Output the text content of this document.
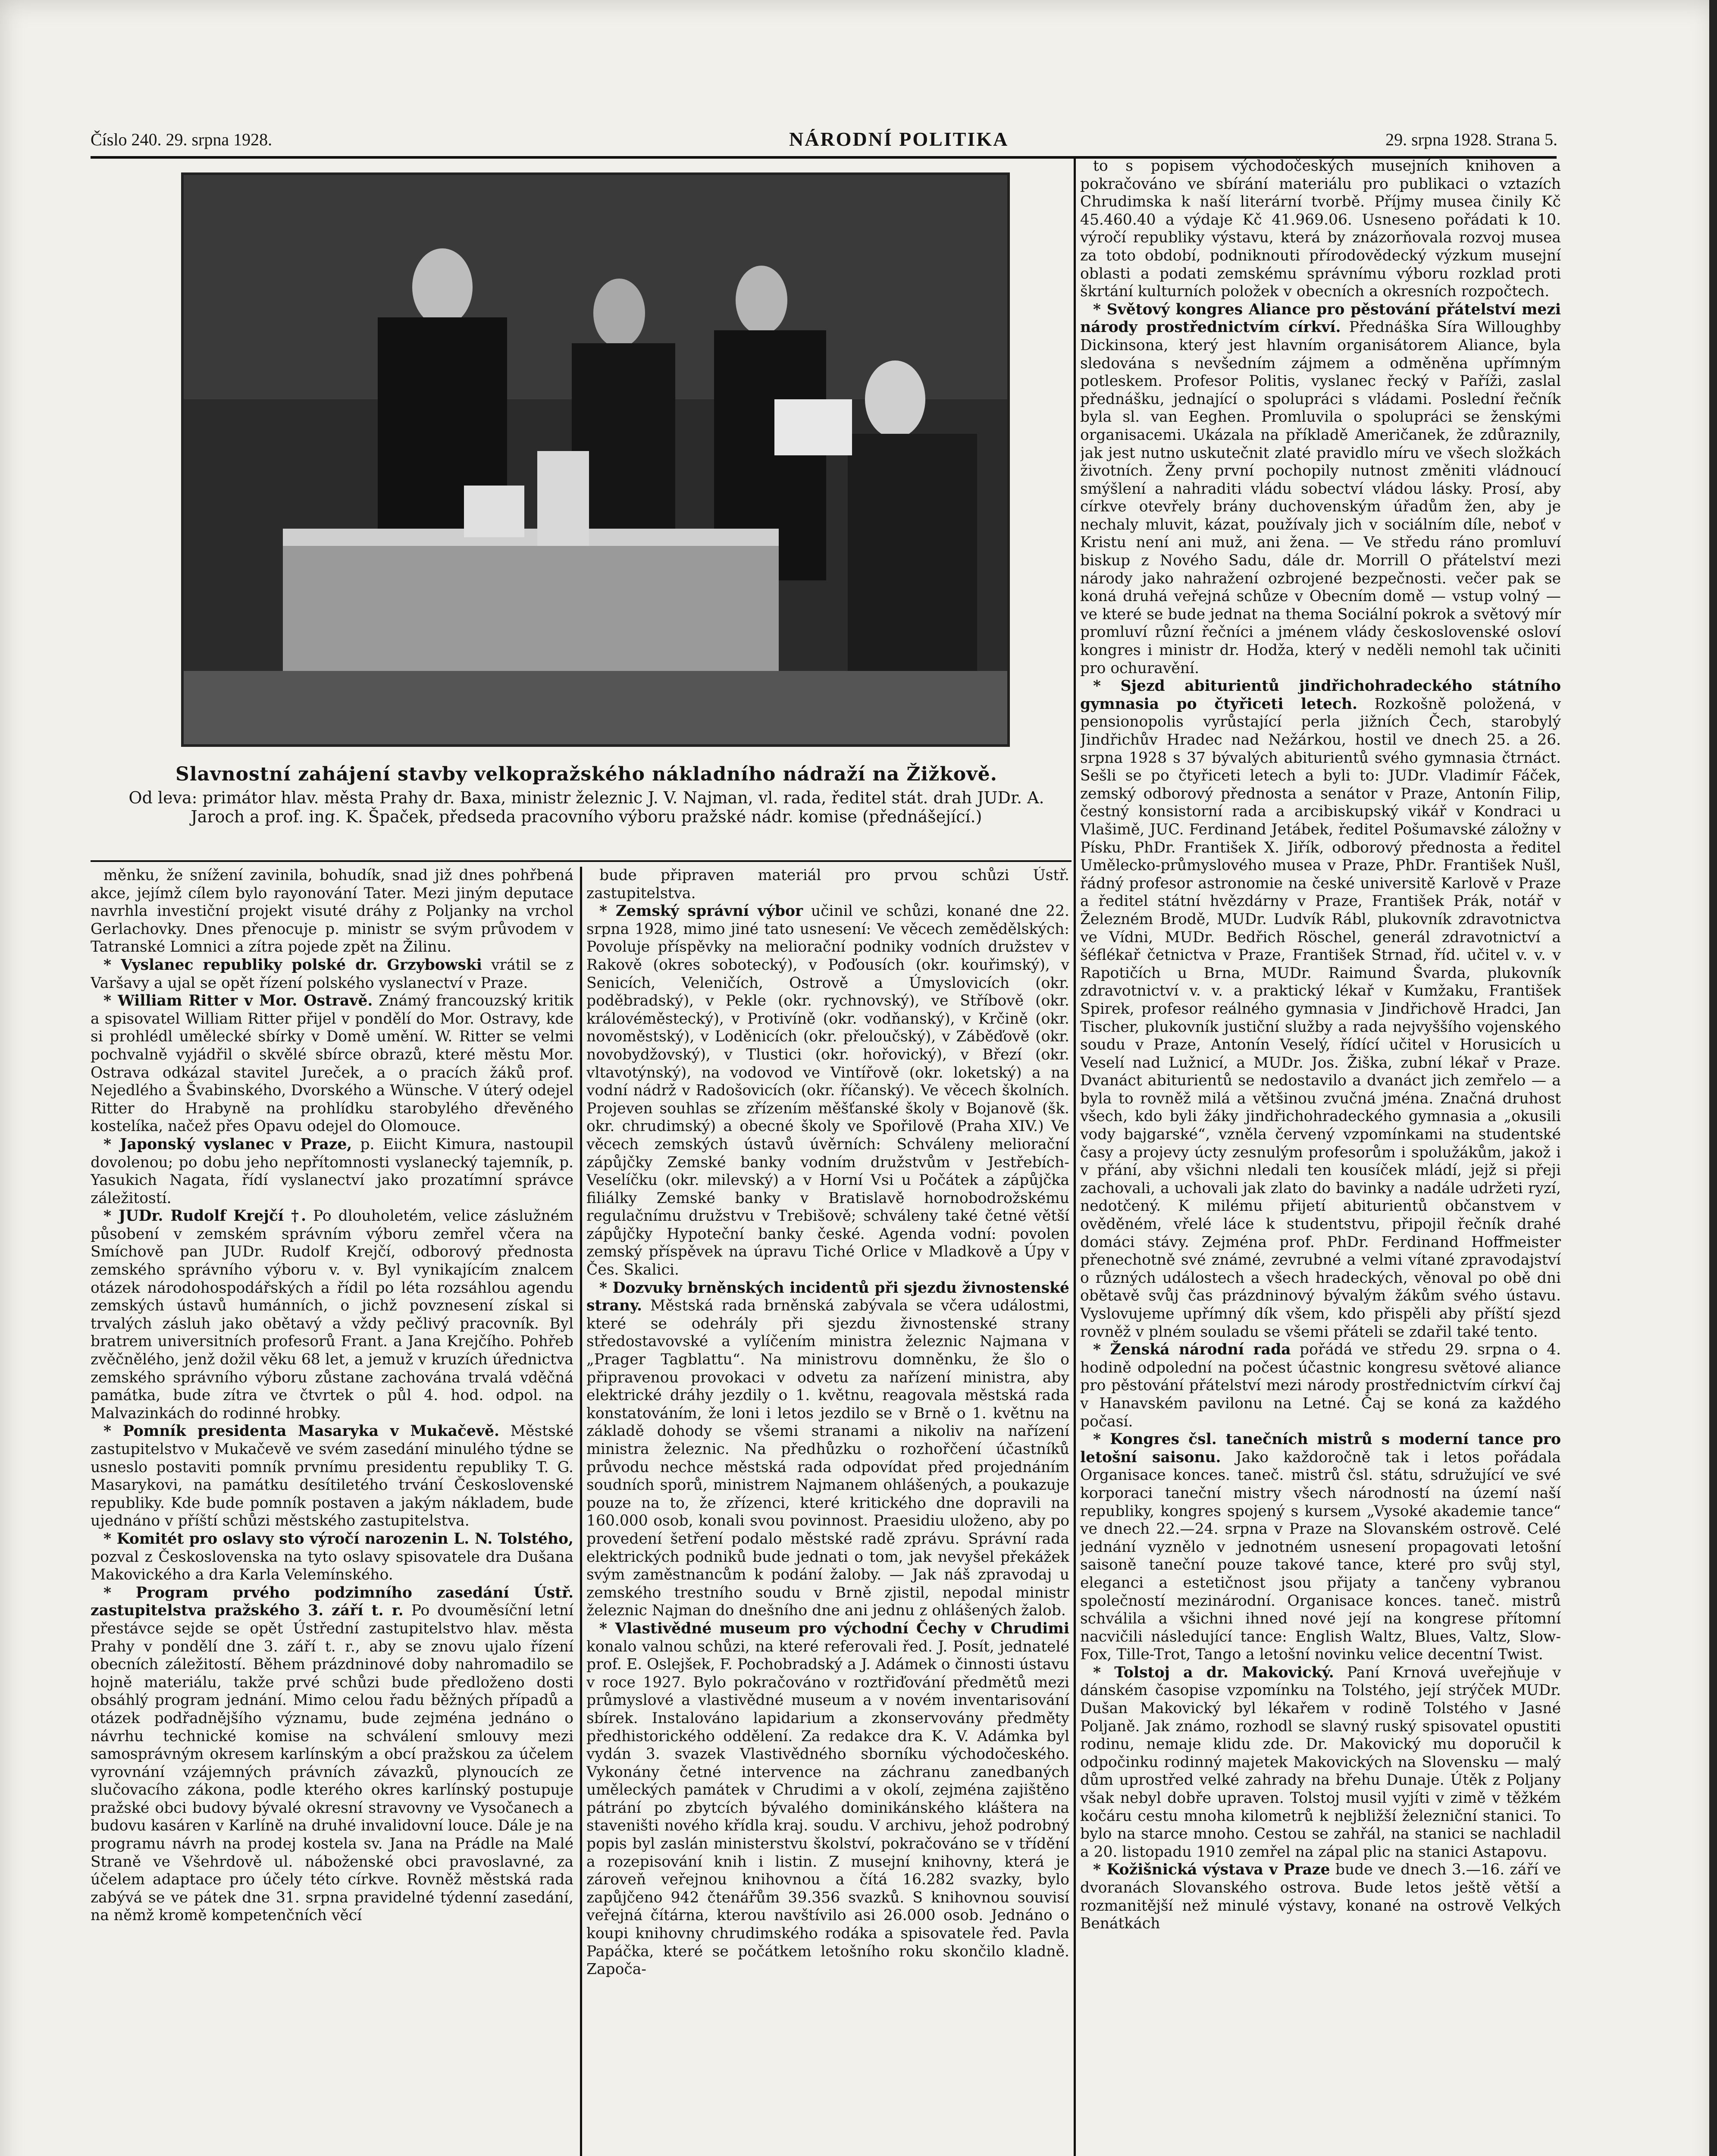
Číslo 240. 29. srpna 1928.	NÁRODNÍ POLITIKA	29. srpna 1928. Strana 5.
Slavnostní zahájení stavby velkopražského nákladního nádraží na Žižkově.
Od leva: primátor hlav. města Prahy dr. Baxa, ministr železnic J. V. Najman, vl. rada, ředitel stát. drah JUDr. A. Jaroch a prof. ing. K. Špaček, předseda pracovního výboru pražské nádr. komise (přednášející.)

měnku, že snížení zavinila, bohudík, snad již dnes pohřbená akce, jejímž cílem bylo rayonování Tater. Mezi jiným deputace navrhla investiční projekt visuté dráhy z Poljanky na vrchol Gerlachovky. Dnes přenocuje p. ministr se svým průvodem v Tatranské Lomnici a zítra pojede zpět na Žilinu.

* Vyslanec republiky polské dr. Grzybowski vrátil se z Varšavy a ujal se opět řízení polského vyslanectví v Praze.

* William Ritter v Mor. Ostravě. Známý francouzský kritik a spisovatel William Ritter přijel v pondělí do Mor. Ostravy, kde si prohlédl umělecké sbírky v Domě umění. W. Ritter se velmi pochvalně vyjádřil o skvělé sbírce obrazů, které městu Mor. Ostrava odkázal stavitel Jureček, a o pracích žáků prof. Nejedlého a Švabinského, Dvorského a Wünsche. V úterý odejel Ritter do Hrabyně na prohlídku starobylého dřevěného kostelíka, načež přes Opavu odejel do Olomouce.

* Japonský vyslanec v Praze, p. Eiicht Kimura, nastoupil dovolenou; po dobu jeho nepřítomnosti vyslanecký tajemník, p. Yasukich Nagata, řídí vyslanectví jako prozatímní správce záležitostí.

* JUDr. Rudolf Krejčí †. Po dlouholetém, velice záslužném působení v zemském správním výboru zemřel včera na Smíchově pan JUDr. Rudolf Krejčí, odborový přednosta zemského správního výboru v. v. Byl vynikajícím znalcem otázek národohospodářských a řídil po léta rozsáhlou agendu zemských ústavů humánních, o jichž povznesení získal si trvalých zásluh jako obětavý a vždy pečlivý pracovník. Byl bratrem universitních profesorů Frant. a Jana Krejčího. Pohřeb zvěčnělého, jenž dožil věku 68 let, a jemuž v kruzích úřednictva zemského správního výboru zůstane zachována trvalá vděčná památka, bude zítra ve čtvrtek o půl 4. hod. odpol. na Malvazinkách do rodinné hrobky.

* Pomník presidenta Masaryka v Mukačevě. Městské zastupitelstvo v Mukačevě ve svém zasedání minulého týdne se usneslo postaviti pomník prvnímu presidentu republiky T. G. Masarykovi, na památku desítiletého trvání Československé republiky. Kde bude pomník postaven a jakým nákladem, bude ujednáno v příští schůzi městského zastupitelstva.

* Komitét pro oslavy sto výročí narozenin L. N. Tolstého, pozval z Československa na tyto oslavy spisovatele dra Dušana Makovického a dra Karla Velemínského.

* Program prvého podzimního zasedání Ústř. zastupitelstva pražského 3. září t. r. Po dvouměsíční letní přestávce sejde se opět Ústřední zastupitelstvo hlav. města Prahy v pondělí dne 3. září t. r., aby se znovu ujalo řízení obecních záležitostí. Během prázdninové doby nahromadilo se hojně materiálu, takže prvé schůzi bude předloženo dosti obsáhlý program jednání. Mimo celou řadu běžných případů a otázek podřadnějšího významu, bude zejména jednáno o návrhu technické komise na schválení smlouvy mezi samosprávným okresem karlínským a obcí pražskou za účelem vyrovnání vzájemných právních závazků, plynoucích ze slučovacího zákona, podle kterého okres karlínský postupuje pražské obci budovy bývalé okresní stravovny ve Vysočanech a budovu kasáren v Karlíně na druhé invalidovní louce. Dále je na programu návrh na prodej kostela sv. Jana na Prádle na Malé Straně ve Všehrdově ul. náboženské obci pravoslavné, za účelem adaptace pro účely této církve. Rovněž městská rada zabývá se ve pátek dne 31. srpna pravidelné týdenní zasedání, na němž kromě kompetenčních věcí

bude připraven materiál pro prvou schůzi Ústř. zastupitelstva.

* Zemský správní výbor učinil ve schůzi, konané dne 22. srpna 1928, mimo jiné tato usnesení: Ve věcech zemědělských: Povoluje příspěvky na meliorační podniky vodních družstev v Rakově (okres sobotecký), v Poďousích (okr. kouřimský), v Senicích, Veleničích, Ostrově a Úmyslovicích (okr. poděbradský), v Pekle (okr. rychnovský), ve Stříbově (okr. královéměstecký), v Protivíně (okr. vodňanský), v Krčině (okr. novoměstský), v Loděnicích (okr. přeloučský), v Záběďově (okr. novobydžovský), v Tlustici (okr. hořovický), v Březí (okr. vltavotýnský), na vodovod ve Vintířově (okr. loketský) a na vodní nádrž v Radošovicích (okr. říčanský). Ve věcech školních. Projeven souhlas se zřízením měšťanské školy v Bojanově (šk. okr. chrudimský) a obecné školy ve Spořilově (Praha XIV.) Ve věcech zemských ústavů úvěrních: Schváleny meliorační zápůjčky Zemské banky vodním družstvům v Jestřebích-Veselíčku (okr. milevský) a v Horní Vsi u Počátek a zápůjčka filiálky Zemské banky v Bratislavě hornobodrožskému regulačnímu družstvu v Trebišově; schváleny také četné větší zápůjčky Hypoteční banky české. Agenda vodní: povolen zemský příspěvek na úpravu Tiché Orlice v Mladkově a Úpy v Čes. Skalici.

* Dozvuky brněnských incidentů při sjezdu živnostenské strany. Městská rada brněnská zabývala se včera událostmi, které se odehrály při sjezdu živnostenské strany středostavovské a vylíčením ministra železnic Najmana v „Prager Tagblattu“. Na ministrovu domněnku, že šlo o připravenou provokaci v odvetu za nařízení ministra, aby elektrické dráhy jezdily o 1. květnu, reagovala městská rada konstatováním, že loni i letos jezdilo se v Brně o 1. květnu na základě dohody se všemi stranami a nikoliv na nařízení ministra železnic. Na předhůzku o rozhořčení účastníků průvodu nechce městská rada odpovídat před projednáním soudních sporů, ministrem Najmanem ohlášených, a poukazuje pouze na to, že zřízenci, které kritického dne dopravili na 160.000 osob, konali svou povinnost. Praesidiu uloženo, aby po provedení šetření podalo městské radě zprávu. Správní rada elektrických podniků bude jednati o tom, jak nevyšel překážek svým zaměstnancům k podání žaloby. — Jak náš zpravodaj u zemského trestního soudu v Brně zjistil, nepodal ministr železnic Najman do dnešního dne ani jednu z ohlášených žalob.

* Vlastivědné museum pro východní Čechy v Chrudimi konalo valnou schůzi, na které referovali řed. J. Posít, jednatelé prof. E. Oslejšek, F. Pochobradský a J. Adámek o činnosti ústavu v roce 1927. Bylo pokračováno v roztřiďování předmětů mezi průmyslové a vlastivědné museum a v novém inventarisování sbírek. Instalováno lapidarium a zkonservovány předměty předhistorického oddělení. Za redakce dra K. V. Adámka byl vydán 3. svazek Vlastivědného sborníku východočeského. Vykonány četné intervence na záchranu zanedbaných uměleckých památek v Chrudimi a v okolí, zejména zajištěno pátrání po zbytcích bývalého dominikánského kláštera na staveništi nového křídla kraj. soudu. V archivu, jehož podrobný popis byl zaslán ministerstvu školství, pokračováno se v třídění a rozepisování knih i listin. Z museјní knihovny, která je zároveň veřejnou knihovnou a čítá 16.282 svazky, bylo zapůjčeno 942 čtenářům 39.356 svazků. S knihovnou souvisí veřejná čítárna, kterou navštívilo asi 26.000 osob. Jednáno o koupi knihovny chrudimského rodáka a spisovatele řed. Pavla Papáčka, které se počátkem letošního roku skončilo kladně. Započa-

to s popisem východočeských musejních knihoven a pokračováno ve sbírání materiálu pro publikaci o vztazích Chrudimska k naší literární tvorbě. Příjmy musea činily Kč 45.460.40 a výdaje Kč 41.969.06. Usneseno pořádati k 10. výročí republiky výstavu, která by znázorňovala rozvoj musea za toto období, podniknouti přírodovědecký výzkum musejní oblasti a podati zemskému správnímu výboru rozklad proti škrtání kulturních položek v obecních a okresních rozpočtech.

* Světový kongres Aliance pro pěstování přátelství mezi národy prostřednictvím církví. Přednáška Síra Willoughby Dickinsona, který jest hlavním organisátorem Aliance, byla sledována s nevšedním zájmem a odměněna upřímným potleskem. Profesor Politis, vyslanec řecký v Paříži, zaslal přednášku, jednající o spolupráci s vládami. Poslední řečník byla sl. van Eeghen. Promluvila o spolupráci se ženskými organisacemi. Ukázala na příkladě Američanek, že zdůraznily, jak jest nutno uskutečnit zlaté pravidlo míru ve všech složkách životních. Ženy první pochopily nutnost změniti vládnoucí smýšlení a nahraditi vládu sobectví vládou lásky. Prosí, aby církve otevřely brány duchovenským úřadům žen, aby je nechaly mluvit, kázat, používaly jich v sociálním díle, neboť v Kristu není ani muž, ani žena. — Ve středu ráno promluví biskup z Nového Sadu, dále dr. Morrill O přátelství mezi národy jako nahražení ozbrojené bezpečnosti. večer pak se koná druhá veřejná schůze v Obecním domě — vstup volný — ve které se bude jednat na thema Sociální pokrok a světový mír promluví různí řečníci a jménem vlády československé osloví kongres i ministr dr. Hodža, který v neděli nemohl tak učiniti pro ochuravění.

* Sjezd abiturientů jindřichohradeckého státního gymnasia po čtyřiceti letech. Rozkošně položená, v pensionopolis vyrůstající perla jižních Čech, starobylý Jindřichův Hradec nad Nežárkou, hostil ve dnech 25. a 26. srpna 1928 s 37 bývalých abiturientů svého gymnasia čtrnáct. Sešli se po čtyřiceti letech a byli to: JUDr. Vladimír Fáček, zemský odborový přednosta a senátor v Praze, Antonín Filip, čestný konsistorní rada a arcibiskupský vikář v Kondraci u Vlašimě, JUC. Ferdinand Jetábek, ředitel Pošumavské záložny v Písku, PhDr. František X. Jiřík, odborový přednosta a ředitel Umělecko-průmyslového musea v Praze, PhDr. František Nušl, řádný profesor astronomie na české universitě Karlově v Praze a ředitel státní hvězdárny v Praze, František Prák, notář v Železném Brodě, MUDr. Ludvík Rábl, plukovník zdravotnictva ve Vídni, MUDr. Bedřich Röschel, generál zdravotnictví a šéflékař četnictva v Praze, František Strnad, říd. učitel v. v. v Rapotičích u Brna, MUDr. Raimund Švarda, plukovník zdravotnictví v. v. a praktický lékař v Kumžaku, František Spirek, profesor reálného gymnasia v Jindřichově Hradci, Jan Tischer, plukovník justiční služby a rada nejvyššího vojenského soudu v Praze, Antonín Veselý, řídící učitel v Horusicích u Veselí nad Lužnicí, a MUDr. Jos. Žiška, zubní lékař v Praze. Dvanáct abiturientů se nedostavilo a dvanáct jich zemřelo — a byla to rovněž milá a většinou zvučná jména. Značná druhost všech, kdo byli žáky jindřichohradeckého gymnasia a „okusili vody bajgarské“, vzněla červený vzpomínkami na studentské časy a projevy úcty zesnulým profesorům i spolužákům, jakož i v přání, aby všichni nledali ten kousíček mládí, jejž si přeji zachovali, a uchovali jak zlato do bavinky a nadále udržeti ryzí, nedotčený. K milému přijetí abiturientů občanstvem v ověděném, vřelé láce k studentstvu, připojil řečník drahé domáci stávy. Zejména prof. PhDr. Ferdinand Hoffmeister přenechotně své známé, zevrubné a velmi vítané zpravodajství o různých událostech a všech hradeckých, věnoval po obě dni obětavě svůj čas prázdninový bývalým žákům svého ústavu. Vyslovujeme upřímný dík všem, kdo přispěli aby příští sjezd rovněž v plném souladu se všemi přáteli se zdařil také tento.

* Ženská národní rada pořádá ve středu 29. srpna o 4. hodině odpolední na počest účastnic kongresu světové aliance pro pěstování přátelství mezi národy prostřednictvím církví čaj v Hanavském pavilonu na Letné. Čaj se koná za každého počasí.

* Kongres čsl. tanečních mistrů s moderní tance pro letošní saisonu. Jako každoročně tak i letos pořádala Organisace konces. taneč. mistrů čsl. státu, sdružující ve své korporaci taneční mistry všech národností na území naší republiky, kongres spojený s kursem „Vysoké akademie tance“ ve dnech 22.—24. srpna v Praze na Slovanském ostrově. Celé jednání vyznělo v jednotném usnesení propagovati letošní saisoně taneční pouze takové tance, které pro svůj styl, eleganci a estetičnost jsou přijaty a tančeny vybranou společností mezinárodní. Organisace konces. taneč. mistrů schválila a všichni ihned nové její na kongrese přítomní nacvičili následující tance: English Waltz, Blues, Valtz, Slow-Fox, Tille-Trot, Tango a letošní novinku velice decentní Twist.

* Tolstoj a dr. Makovický. Paní Krnová uveřejňuje v dánském časopise vzpomínku na Tolstého, její strýček MUDr. Dušan Makovický byl lékařem v rodině Tolstého v Jasné Poljaně. Jak známo, rozhodl se slavný ruský spisovatel opustiti rodinu, nemaje klidu zde. Dr. Makovický mu doporučil k odpočinku rodinný majetek Makovických na Slovensku — malý dům uprostřed velké zahrady na břehu Dunaje. Útěk z Poljany však nebyl dobře upraven. Tolstoj musil vyjíti v zimě v těžkém kočáru cestu mnoha kilometrů k nejbližší železniční stanici. To bylo na starce mnoho. Cestou se zahřál, na stanici se nachladil a 20. listopadu 1910 zemřel na zápal plic na stanici Astapovu.

* Kožišnická výstava v Praze bude ve dnech 3.—16. září ve dvoranách Slovanského ostrova. Bude letos ještě větší a rozmanitější než minulé výstavy, konané na ostrově Velkých Benátkách
